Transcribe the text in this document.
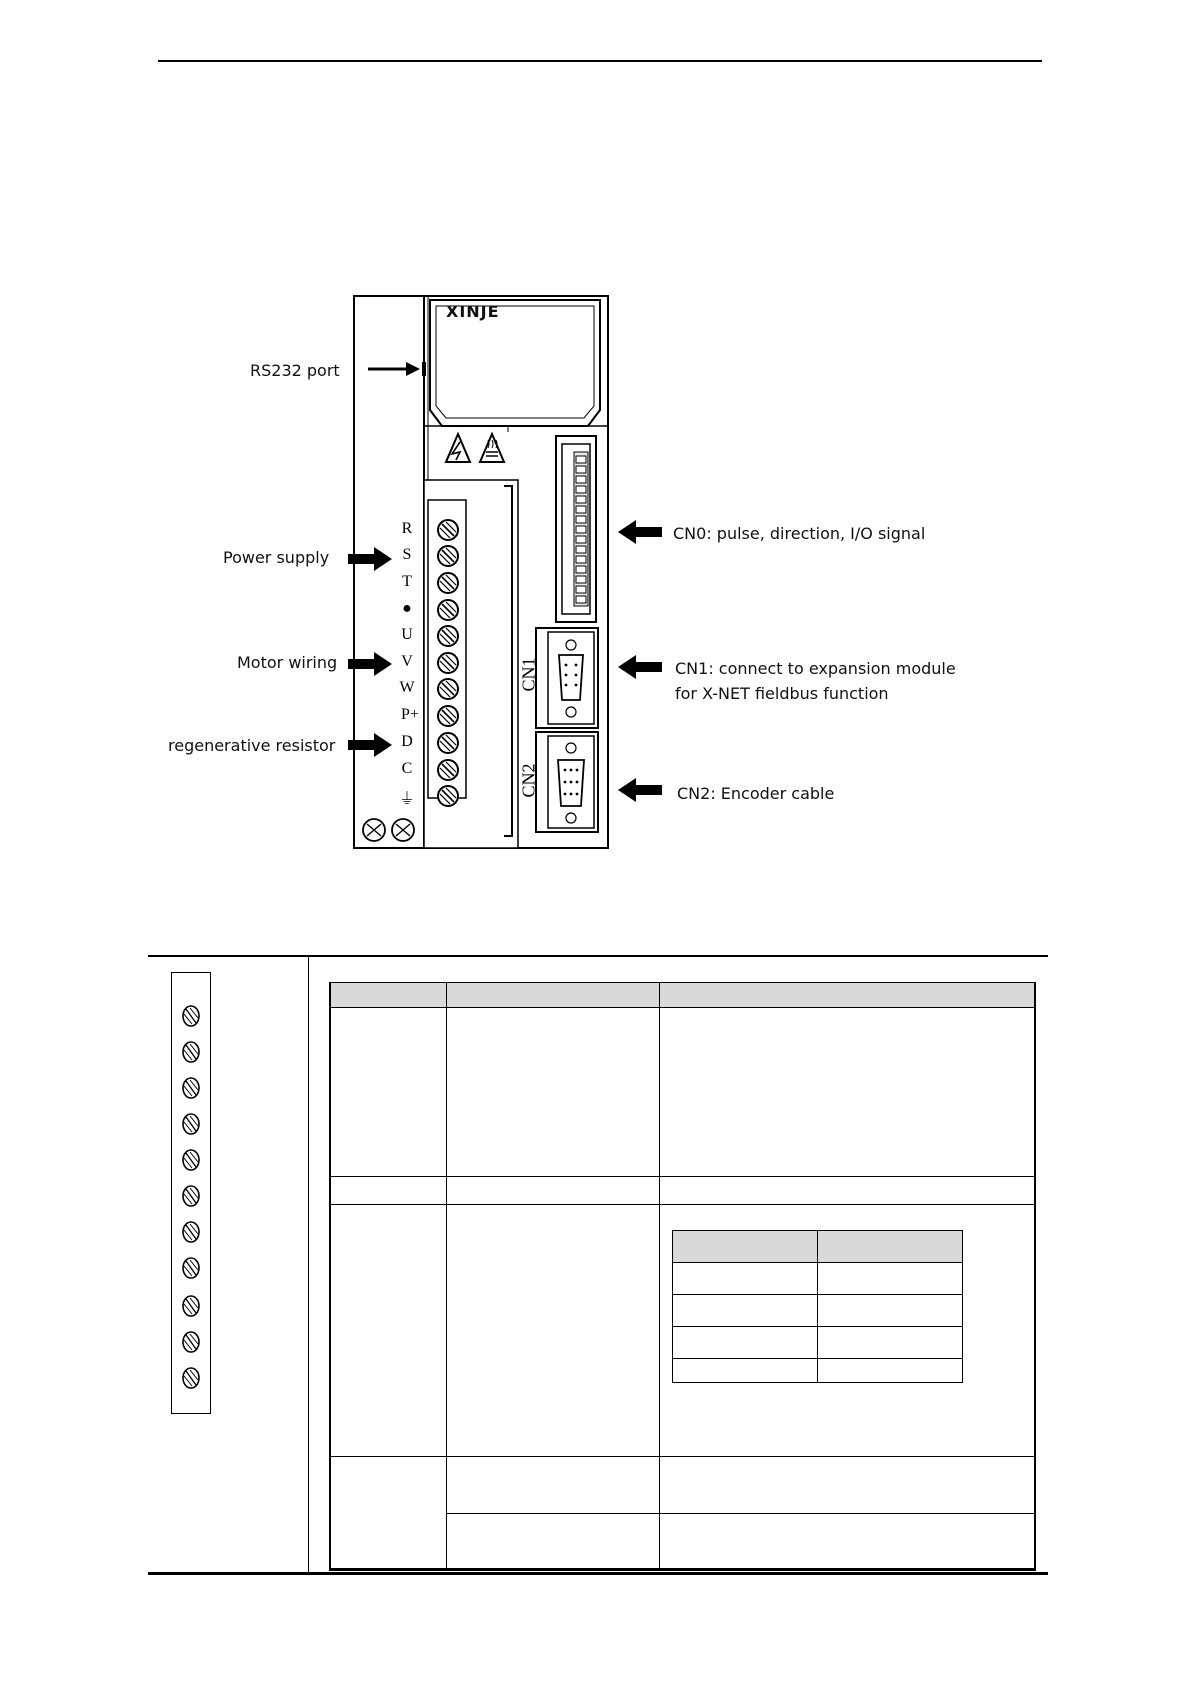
XINJE
RS232 port
Power supply
Motor wiring
regenerative resistor
CN0: pulse, direction, I/O signal
CN1: connect to expansion module
for X-NET fieldbus function
CN2: Encoder cable
R
S
T
●
U
V
W
P+
D
C
⏚
CN1
CN2
